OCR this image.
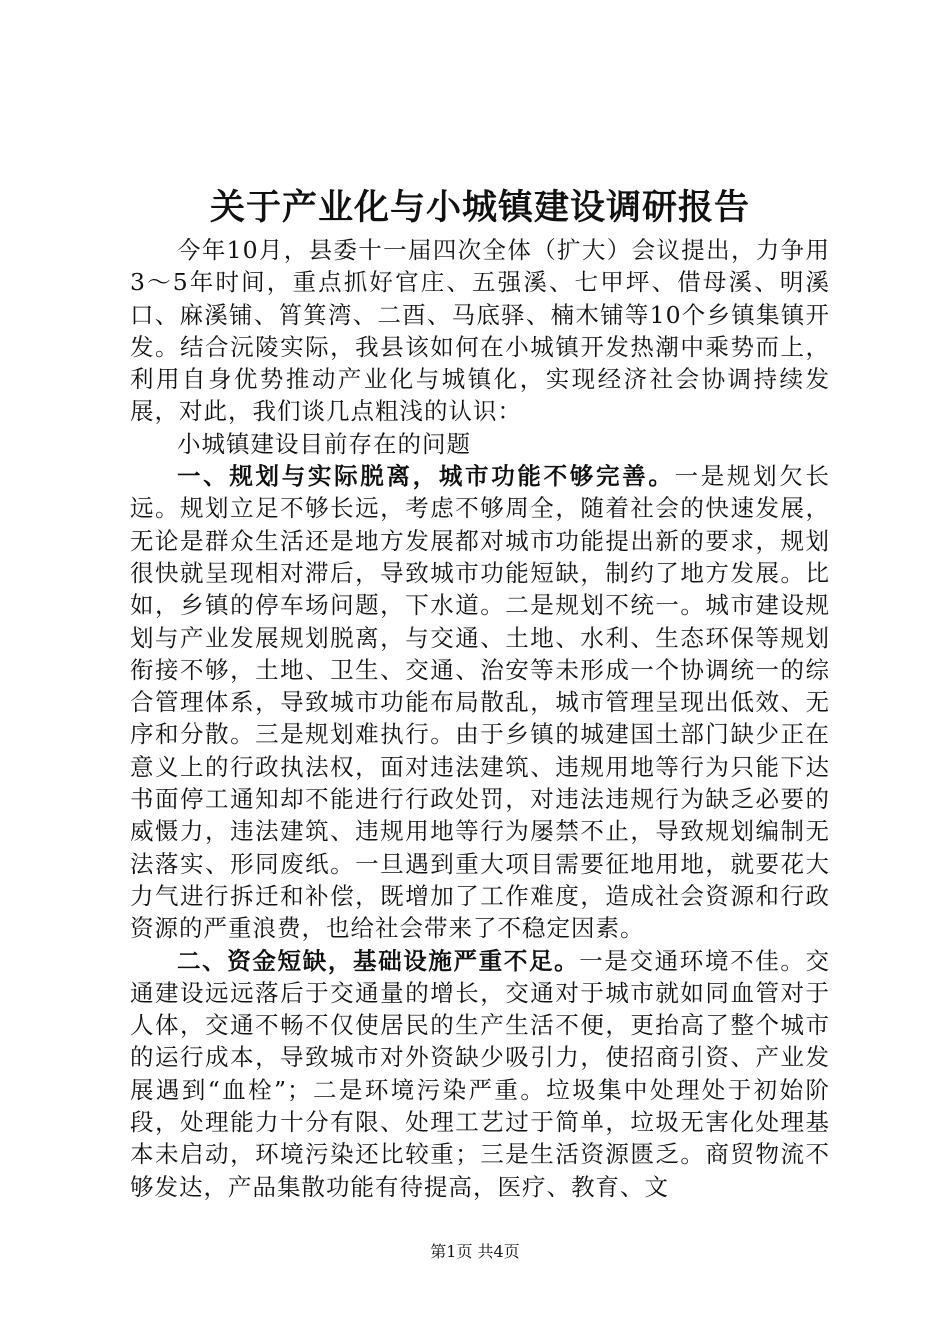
关于产业化与小城镇建设调研报告

今年10月，县委十一届四次全体（扩大）会议提出，力争用3～5年时间，重点抓好官庄、五强溪、七甲坪、借母溪、明溪口、麻溪铺、筲箕湾、二酉、马底驿、楠木铺等10个乡镇集镇开发。结合沅陵实际，我县该如何在小城镇开发热潮中乘势而上，利用自身优势推动产业化与城镇化，实现经济社会协调持续发展，对此，我们谈几点粗浅的认识：

小城镇建设目前存在的问题

一、规划与实际脱离，城市功能不够完善。一是规划欠长远。规划立足不够长远，考虑不够周全，随着社会的快速发展，无论是群众生活还是地方发展都对城市功能提出新的要求，规划很快就呈现相对滞后，导致城市功能短缺，制约了地方发展。比如，乡镇的停车场问题，下水道。二是规划不统一。城市建设规划与产业发展规划脱离，与交通、土地、水利、生态环保等规划衔接不够，土地、卫生、交通、治安等未形成一个协调统一的综合管理体系，导致城市功能布局散乱，城市管理呈现出低效、无序和分散。三是规划难执行。由于乡镇的城建国土部门缺少正在意义上的行政执法权，面对违法建筑、违规用地等行为只能下达书面停工通知却不能进行行政处罚，对违法违规行为缺乏必要的威慑力，违法建筑、违规用地等行为屡禁不止，导致规划编制无法落实、形同废纸。一旦遇到重大项目需要征地用地，就要花大力气进行拆迁和补偿，既增加了工作难度，造成社会资源和行政资源的严重浪费，也给社会带来了不稳定因素。

二、资金短缺，基础设施严重不足。一是交通环境不佳。交通建设远远落后于交通量的增长，交通对于城市就如同血管对于人体，交通不畅不仅使居民的生产生活不便，更抬高了整个城市的运行成本，导致城市对外资缺少吸引力，使招商引资、产业发展遇到“血栓”；二是环境污染严重。垃圾集中处理处于初始阶段，处理能力十分有限、处理工艺过于简单，垃圾无害化处理基本未启动，环境污染还比较重；三是生活资源匮乏。商贸物流不够发达，产品集散功能有待提高，医疗、教育、文

第1页 共4页
